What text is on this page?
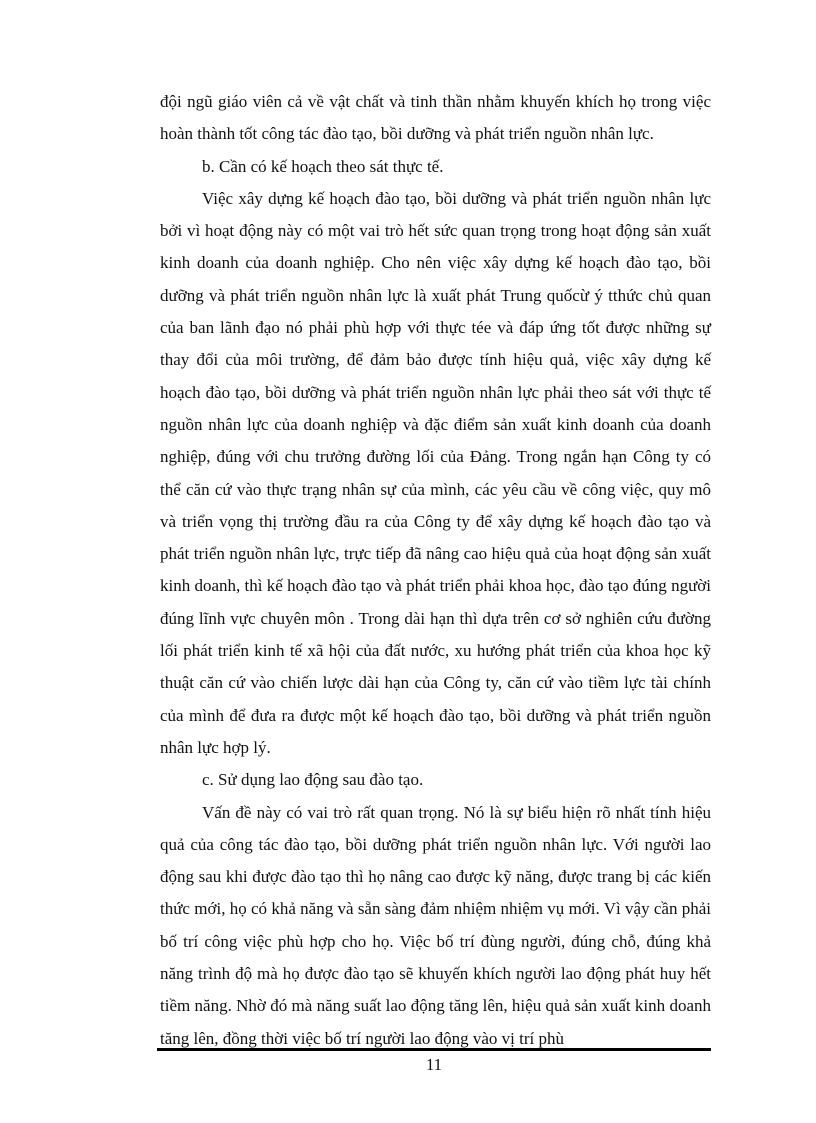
đội ngũ giáo viên cả về vật chất và tinh thần nhằm khuyến khích họ trong việc hoàn thành tốt công tác đào tạo, bồi dưỡng và phát triển nguồn nhân lực.

b. Cần có kế hoạch theo sát thực tế.

Việc xây dựng kế hoạch đào tạo, bồi dưỡng và phát triển nguồn nhân lực bởi vì hoạt động này có một vai trò hết sức quan trọng trong hoạt động sản xuất kinh doanh của doanh nghiệp. Cho nên việc xây dựng kế hoạch đào tạo, bồi dưỡng và phát triển nguồn nhân lực là xuất phát Trung quốcừ ý tthức chủ quan của ban lãnh đạo nó phải phù hợp với thực tée và đáp ứng tốt được những sự thay đổi của môi trường, để đảm bảo được tính hiệu quả, việc xây dựng kế hoạch đào tạo, bồi dưỡng và phát triển nguồn nhân lực phải theo sát với thực tế nguồn nhân lực của doanh nghiệp và đặc điểm sản xuất kinh doanh của doanh nghiệp, đúng với chu trưởng đường lối của Đảng. Trong ngắn hạn Công ty có thể căn cứ vào thực trạng nhân sự của mình, các yêu cầu về công việc, quy mô và triển vọng thị trường đầu ra của Công ty để xây dựng kế hoạch đào tạo và phát triển nguồn nhân lực, trực tiếp đã nâng cao hiệu quả của hoạt động sản xuất kinh doanh, thì kế hoạch đào tạo và phát triển phải khoa học, đào tạo đúng người đúng lĩnh vực chuyên môn . Trong dài hạn thì dựa trên cơ sở nghiên cứu đường lối phát triển kinh tế xã hội của đất nước, xu hướng phát triển của khoa học kỹ thuật căn cứ vào chiến lược dài hạn của Công ty, căn cứ vào tiềm lực tài chính của mình để đưa ra được một kế hoạch đào tạo, bồi dưỡng và phát triển nguồn nhân lực hợp lý.

c. Sử dụng lao động sau đào tạo.

Vấn đề này có vai trò rất quan trọng. Nó là sự biểu hiện rõ nhất tính hiệu quả của công tác đào tạo, bồi dưỡng phát triển nguồn nhân lực. Với người lao động sau khi được đào tạo thì họ nâng cao được kỹ năng, được trang bị các kiến thức mới, họ có khả năng và sẵn sàng đảm nhiệm nhiệm vụ mới. Vì vậy cần phải bố trí công việc phù hợp cho họ. Việc bố trí đùng người, đúng chỗ, đúng khả năng trình độ mà họ được đào tạo sẽ khuyến khích người lao động phát huy hết tiềm năng. Nhờ đó mà năng suất lao động tăng lên, hiệu quả sản xuất kinh doanh tăng lên, đồng thời việc bố trí người lao động vào vị trí phù

11
